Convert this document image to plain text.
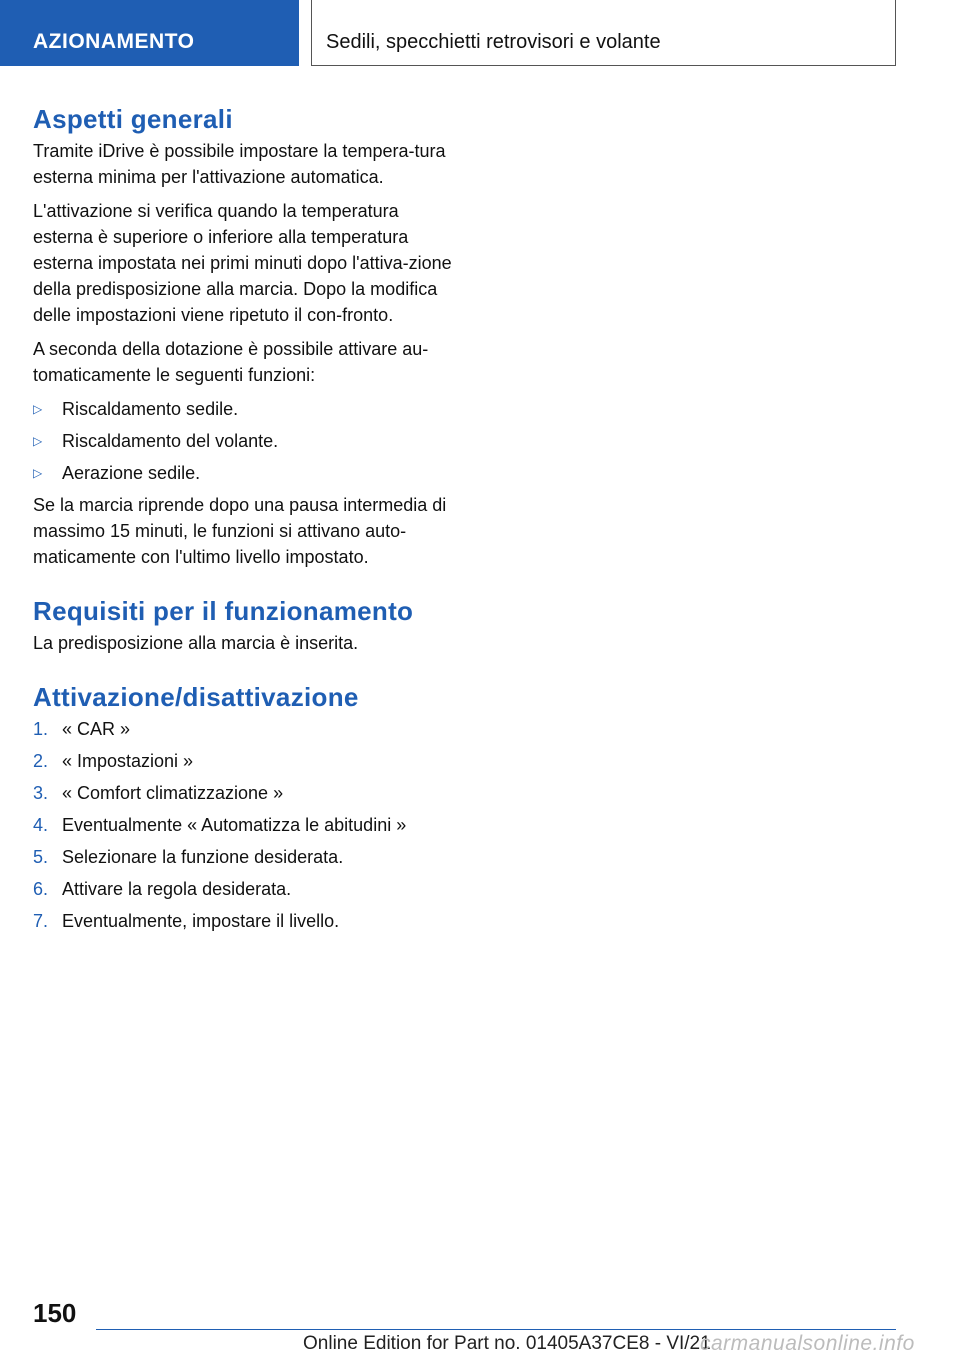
AZIONAMENTO	Sedili, specchietti retrovisori e volante
Aspetti generali

Tramite iDrive è possibile impostare la tempera-tura esterna minima per l'attivazione automatica.

L'attivazione si verifica quando la temperatura esterna è superiore o inferiore alla temperatura esterna impostata nei primi minuti dopo l'attiva-zione della predisposizione alla marcia. Dopo la modifica delle impostazioni viene ripetuto il con-fronto.

A seconda della dotazione è possibile attivare au-tomaticamente le seguenti funzioni:

▷ Riscaldamento sedile.
▷ Riscaldamento del volante.
▷ Aerazione sedile.

Se la marcia riprende dopo una pausa intermedia di massimo 15 minuti, le funzioni si attivano auto-maticamente con l'ultimo livello impostato.

Requisiti per il funzionamento

La predisposizione alla marcia è inserita.

Attivazione/disattivazione
1. « CAR »
2. « Impostazioni »
3. « Comfort climatizzazione »
4. Eventualmente « Automatizza le abitudini »
5. Selezionare la funzione desiderata.
6. Attivare la regola desiderata.
7. Eventualmente, impostare il livello.
150
Online Edition for Part no. 01405A37CE8 - VI/21
carmanualsonline.info
